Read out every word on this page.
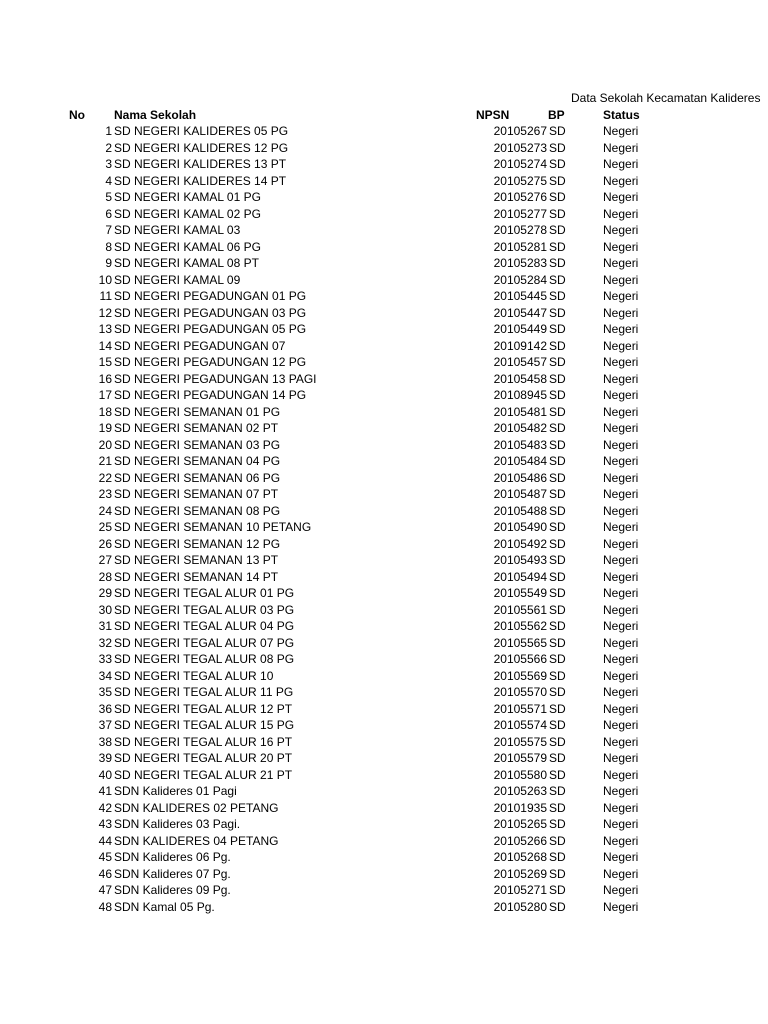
Data Sekolah Kecamatan Kalideres
No Nama Sekolah	NPSN	BP	Status
1 SD NEGERI KALIDERES 05 PG	20105267 SD	Negeri
2 SD NEGERI KALIDERES 12 PG	20105273 SD	Negeri
3 SD NEGERI KALIDERES 13 PT	20105274 SD	Negeri
4 SD NEGERI KALIDERES 14 PT	20105275 SD	Negeri
5 SD NEGERI KAMAL 01 PG	20105276 SD	Negeri
6 SD NEGERI KAMAL 02 PG	20105277 SD	Negeri
7 SD NEGERI KAMAL 03	20105278 SD	Negeri
8 SD NEGERI KAMAL 06 PG	20105281 SD	Negeri
9 SD NEGERI KAMAL 08 PT	20105283 SD	Negeri
10 SD NEGERI KAMAL 09	20105284 SD	Negeri
11 SD NEGERI PEGADUNGAN 01 PG	20105445 SD	Negeri
12 SD NEGERI PEGADUNGAN 03 PG	20105447 SD	Negeri
13 SD NEGERI PEGADUNGAN 05 PG	20105449 SD	Negeri
14 SD NEGERI PEGADUNGAN 07	20109142 SD	Negeri
15 SD NEGERI PEGADUNGAN 12 PG	20105457 SD	Negeri
16 SD NEGERI PEGADUNGAN 13 PAGI	20105458 SD	Negeri
17 SD NEGERI PEGADUNGAN 14 PG	20108945 SD	Negeri
18 SD NEGERI SEMANAN 01 PG	20105481 SD	Negeri
19 SD NEGERI SEMANAN 02 PT	20105482 SD	Negeri
20 SD NEGERI SEMANAN 03 PG	20105483 SD	Negeri
21 SD NEGERI SEMANAN 04 PG	20105484 SD	Negeri
22 SD NEGERI SEMANAN 06 PG	20105486 SD	Negeri
23 SD NEGERI SEMANAN 07 PT	20105487 SD	Negeri
24 SD NEGERI SEMANAN 08 PG	20105488 SD	Negeri
25 SD NEGERI SEMANAN 10 PETANG	20105490 SD	Negeri
26 SD NEGERI SEMANAN 12 PG	20105492 SD	Negeri
27 SD NEGERI SEMANAN 13 PT	20105493 SD	Negeri
28 SD NEGERI SEMANAN 14 PT	20105494 SD	Negeri
29 SD NEGERI TEGAL ALUR 01 PG	20105549 SD	Negeri
30 SD NEGERI TEGAL ALUR 03 PG	20105561 SD	Negeri
31 SD NEGERI TEGAL ALUR 04 PG	20105562 SD	Negeri
32 SD NEGERI TEGAL ALUR 07 PG	20105565 SD	Negeri
33 SD NEGERI TEGAL ALUR 08 PG	20105566 SD	Negeri
34 SD NEGERI TEGAL ALUR 10	20105569 SD	Negeri
35 SD NEGERI TEGAL ALUR 11 PG	20105570 SD	Negeri
36 SD NEGERI TEGAL ALUR 12 PT	20105571 SD	Negeri
37 SD NEGERI TEGAL ALUR 15 PG	20105574 SD	Negeri
38 SD NEGERI TEGAL ALUR 16 PT	20105575 SD	Negeri
39 SD NEGERI TEGAL ALUR 20 PT	20105579 SD	Negeri
40 SD NEGERI TEGAL ALUR 21 PT	20105580 SD	Negeri
41 SDN Kalideres 01 Pagi	20105263 SD	Negeri
42 SDN KALIDERES 02 PETANG	20101935 SD	Negeri
43 SDN Kalideres 03 Pagi.	20105265 SD	Negeri
44 SDN KALIDERES 04 PETANG	20105266 SD	Negeri
45 SDN Kalideres 06 Pg.	20105268 SD	Negeri
46 SDN Kalideres 07 Pg.	20105269 SD	Negeri
47 SDN Kalideres 09 Pg.	20105271 SD	Negeri
48 SDN Kamal 05 Pg.	20105280 SD	Negeri
